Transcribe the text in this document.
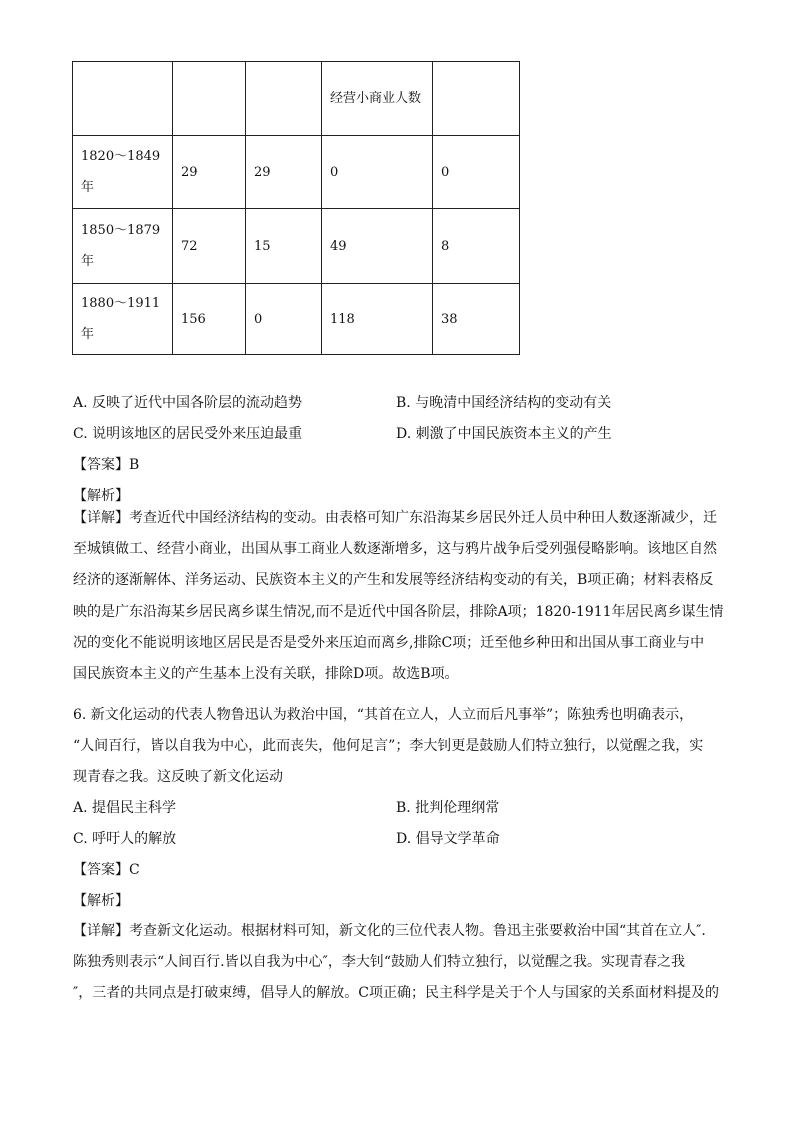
			经营小商业人数	
1820～1849年	29	29	0	0
1850～1879年	72	15	49	8
1880～1911年	156	0	118	38
A. 反映了近代中国各阶层的流动趋势	B. 与晚清中国经济结构的变动有关
C. 说明该地区的居民受外来压迫最重	D. 刺激了中国民族资本主义的产生
【答案】B
【解析】
【详解】考查近代中国经济结构的变动。由表格可知广东沿海某乡居民外迁人员中种田人数逐渐减少，迁
至城镇做工、经营小商业，出国从事工商业人数逐渐增多，这与鸦片战争后受列强侵略影响。该地区自然
经济的逐渐解体、洋务运动、民族资本主义的产生和发展等经济结构变动的有关，B项正确；材料表格反
映的是广东沿海某乡居民离乡谋生情况,而不是近代中国各阶层，排除A项；1820-1911年居民离乡谋生情
况的变化不能说明该地区居民是否是受外来压迫而离乡,排除C项；迁至他乡种田和出国从事工商业与中
国民族资本主义的产生基本上没有关联，排除D项。故选B项。
6. 新文化运动的代表人物鲁迅认为救治中国，“其首在立人，人立而后凡事举”；陈独秀也明确表示，
“人间百行，皆以自我为中心，此而丧失，他何足言”；李大钊更是鼓励人们特立独行，以觉醒之我，实
现青春之我。这反映了新文化运动
A. 提倡民主科学	B. 批判伦理纲常
C. 呼吁人的解放	D. 倡导文学革命
【答案】C
【解析】
【详解】考查新文化运动。根据材料可知，新文化的三位代表人物。鲁迅主张要救治中国“其首在立人″.
陈独秀则表示“人间百行.皆以自我为中心″，李大钊“鼓励人们特立独行，以觉醒之我。实现青春之我
″，三者的共同点是打破束缚，倡导人的解放。C项正确；民主科学是关于个人与国家的关系面材料提及的
